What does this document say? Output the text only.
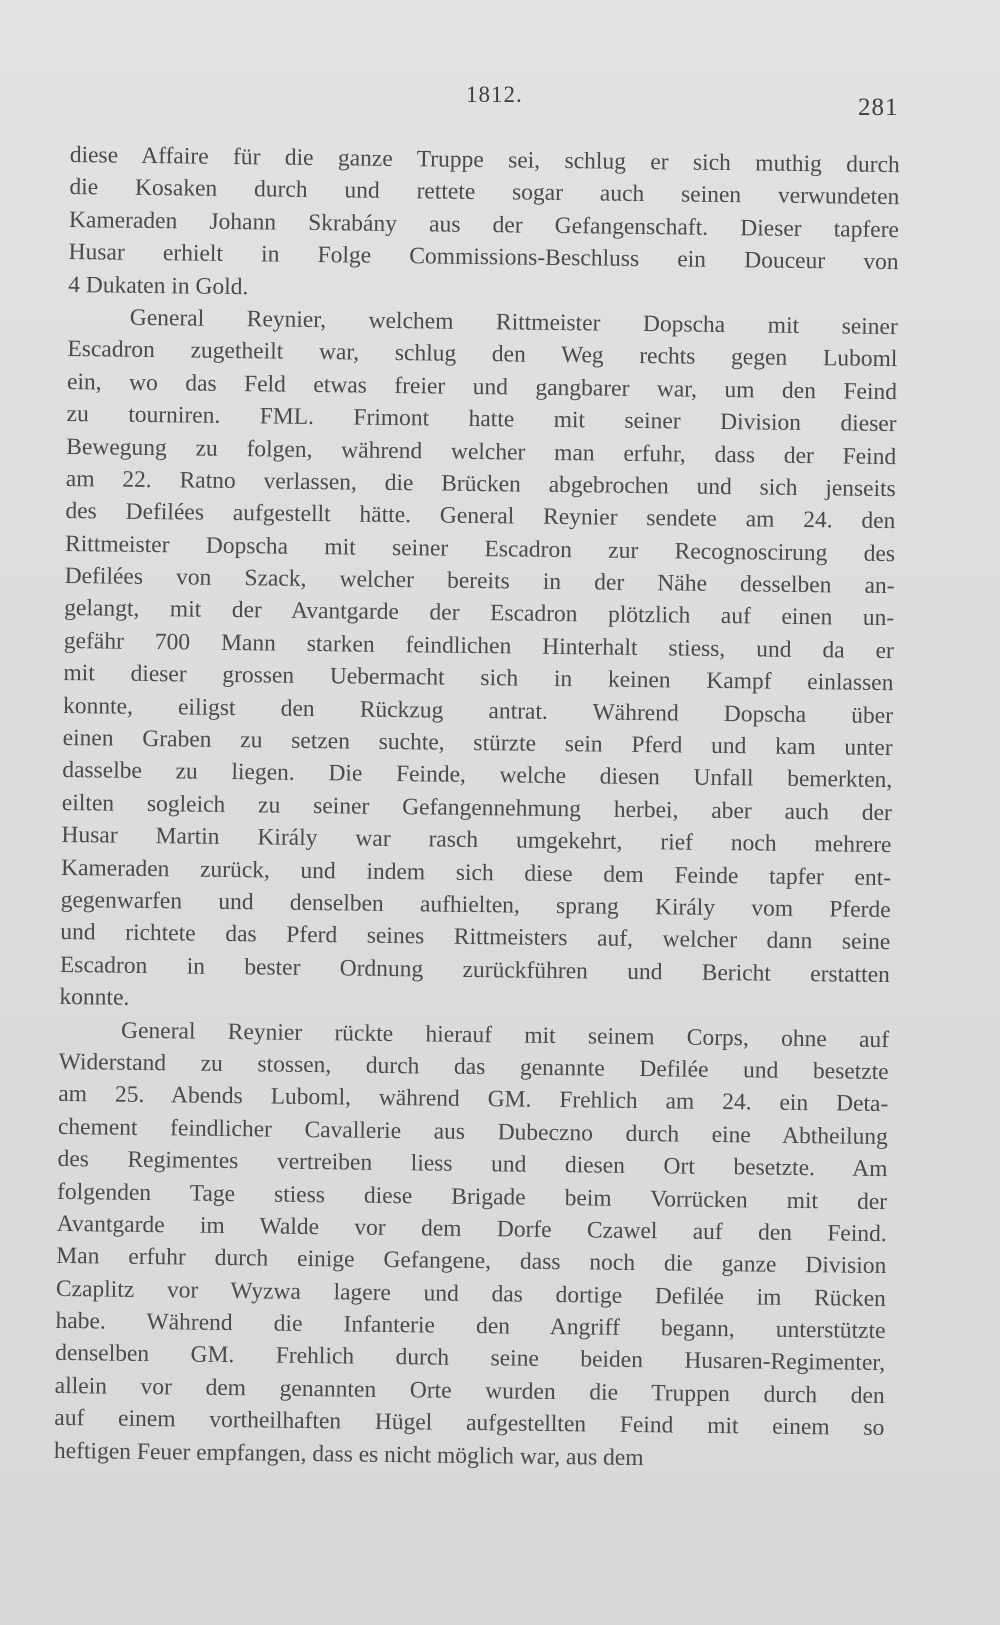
1812.	281
diese Affaire für die ganze Truppe sei, schlug er sich muthig durch
die Kosaken durch und rettete sogar auch seinen verwundeten
Kameraden Johann Skrabány aus der Gefangenschaft. Dieser tapfere
Husar erhielt in Folge Commissions-Beschluss ein Douceur von
4 Dukaten in Gold.
General Reynier, welchem Rittmeister Dopscha mit seiner
Escadron zugetheilt war, schlug den Weg rechts gegen Luboml
ein, wo das Feld etwas freier und gangbarer war, um den Feind
zu tourniren. FML. Frimont hatte mit seiner Division dieser
Bewegung zu folgen, während welcher man erfuhr, dass der Feind
am 22. Ratno verlassen, die Brücken abgebrochen und sich jenseits
des Defilées aufgestellt hätte. General Reynier sendete am 24. den
Rittmeister Dopscha mit seiner Escadron zur Recognoscirung des
Defilées von Szack, welcher bereits in der Nähe desselben an-
gelangt, mit der Avantgarde der Escadron plötzlich auf einen un-
gefähr 700 Mann starken feindlichen Hinterhalt stiess, und da er
mit dieser grossen Uebermacht sich in keinen Kampf einlassen
konnte, eiligst den Rückzug antrat. Während Dopscha über
einen Graben zu setzen suchte, stürzte sein Pferd und kam unter
dasselbe zu liegen. Die Feinde, welche diesen Unfall bemerkten,
eilten sogleich zu seiner Gefangennehmung herbei, aber auch der
Husar Martin Király war rasch umgekehrt, rief noch mehrere
Kameraden zurück, und indem sich diese dem Feinde tapfer ent-
gegenwarfen und denselben aufhielten, sprang Király vom Pferde
und richtete das Pferd seines Rittmeisters auf, welcher dann seine
Escadron in bester Ordnung zurückführen und Bericht erstatten
konnte.
General Reynier rückte hierauf mit seinem Corps, ohne auf
Widerstand zu stossen, durch das genannte Defilée und besetzte
am 25. Abends Luboml, während GM. Frehlich am 24. ein Deta-
chement feindlicher Cavallerie aus Dubeczno durch eine Abtheilung
des Regimentes vertreiben liess und diesen Ort besetzte. Am
folgenden Tage stiess diese Brigade beim Vorrücken mit der
Avantgarde im Walde vor dem Dorfe Czawel auf den Feind.
Man erfuhr durch einige Gefangene, dass noch die ganze Division
Czaplitz vor Wyzwa lagere und das dortige Defilée im Rücken
habe. Während die Infanterie den Angriff begann, unterstützte
denselben GM. Frehlich durch seine beiden Husaren-Regimenter,
allein vor dem genannten Orte wurden die Truppen durch den
auf einem vortheilhaften Hügel aufgestellten Feind mit einem so
heftigen Feuer empfangen, dass es nicht möglich war, aus dem
